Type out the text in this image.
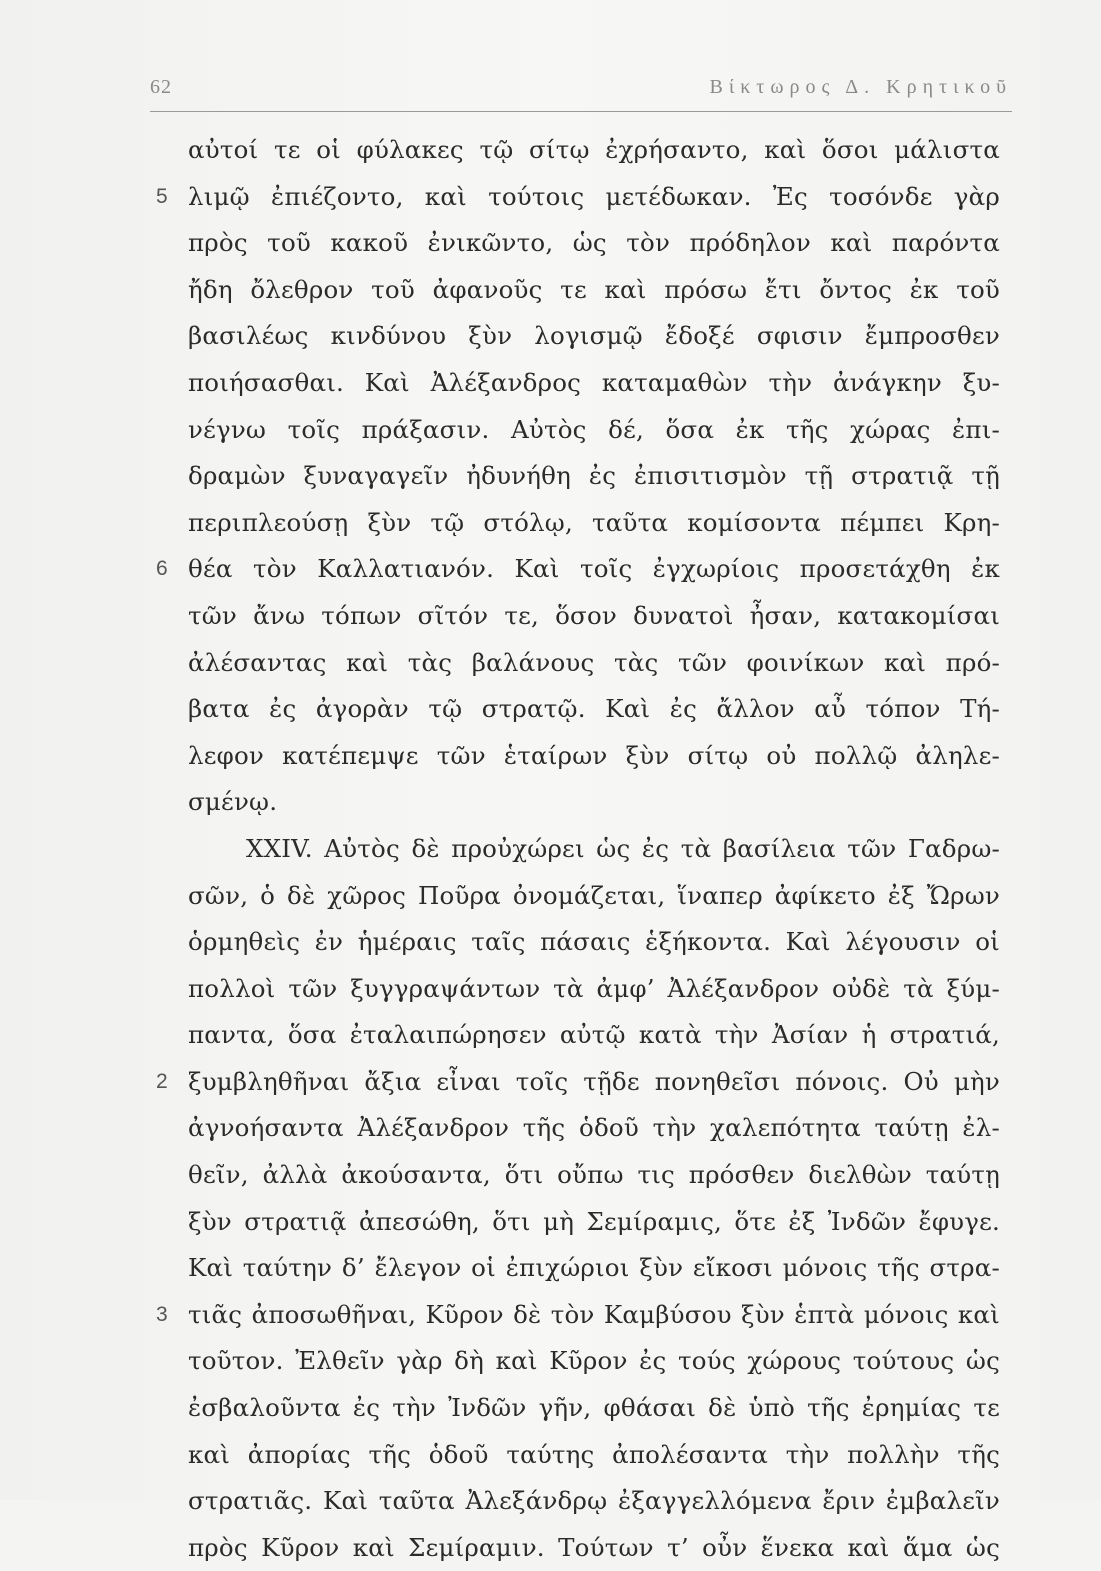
62	Βίκτωρος Δ. Κρητικοῦ
αὐτοί τε οἱ φύλακες τῷ σίτῳ ἐχρήσαντο, καὶ ὅσοι μάλιστα
5 λιμῷ ἐπιέζοντο, καὶ τούτοις μετέδωκαν. Ἐς τοσόνδε γὰρ
πρὸς τοῦ κακοῦ ἐνικῶντο, ὡς τὸν πρόδηλον καὶ παρόντα
ἤδη ὄλεθρον τοῦ ἀφανοῦς τε καὶ πρόσω ἔτι ὄντος ἐκ τοῦ
βασιλέως κινδύνου ξὺν λογισμῷ ἔδοξέ σφισιν ἔμπροσθεν
ποιήσασθαι. Καὶ Ἀλέξανδρος καταμαθὼν τὴν ἀνάγκην ξυ-
νέγνω τοῖς πράξασιν. Αὐτὸς δέ, ὅσα ἐκ τῆς χώρας ἐπι-
δραμὼν ξυναγαγεῖν ἠδυνήθη ἐς ἐπισιτισμὸν τῇ στρατιᾷ τῇ
περιπλεούσῃ ξὺν τῷ στόλῳ, ταῦτα κομίσοντα πέμπει Κρη-
6 θέα τὸν Καλλατιανόν. Καὶ τοῖς ἐγχωρίοις προσετάχθη ἐκ
τῶν ἄνω τόπων σῖτόν τε, ὅσον δυνατοὶ ἦσαν, κατακομίσαι
ἀλέσαντας καὶ τὰς βαλάνους τὰς τῶν φοινίκων καὶ πρό-
βατα ἐς ἀγορὰν τῷ στρατῷ. Καὶ ἐς ἄλλον αὖ τόπον Τή-
λεφον κατέπεμψε τῶν ἑταίρων ξὺν σίτῳ οὐ πολλῷ ἀληλε-
σμένῳ.
XXIV. Αὐτὸς δὲ προὐχώρει ὡς ἐς τὰ βασίλεια τῶν Γαδρω-
σῶν, ὁ δὲ χῶρος Ποῦρα ὀνομάζεται, ἵναπερ ἀφίκετο ἐξ Ὤρων
ὁρμηθεὶς ἐν ἡμέραις ταῖς πάσαις ἑξήκοντα. Καὶ λέγουσιν οἱ
πολλοὶ τῶν ξυγγραψάντων τὰ ἀμφ’ Ἀλέξανδρον οὐδὲ τὰ ξύμ-
παντα, ὅσα ἐταλαιπώρησεν αὐτῷ κατὰ τὴν Ἀσίαν ἡ στρατιά,
2 ξυμβληθῆναι ἄξια εἶναι τοῖς τῇδε πονηθεῖσι πόνοις. Οὐ μὴν
ἀγνοήσαντα Ἀλέξανδρον τῆς ὁδοῦ τὴν χαλεπότητα ταύτῃ ἐλ-
θεῖν, ἀλλὰ ἀκούσαντα, ὅτι οὔπω τις πρόσθεν διελθὼν ταύτῃ
ξὺν στρατιᾷ ἀπεσώθη, ὅτι μὴ Σεμίραμις, ὅτε ἐξ Ἰνδῶν ἔφυγε.
Καὶ ταύτην δ’ ἔλεγον οἱ ἐπιχώριοι ξὺν εἴκοσι μόνοις τῆς στρα-
3 τιᾶς ἀποσωθῆναι, Κῦρον δὲ τὸν Καμβύσου ξὺν ἑπτὰ μόνοις καὶ
τοῦτον. Ἐλθεῖν γὰρ δὴ καὶ Κῦρον ἐς τούς χώρους τούτους ὡς
ἐσβαλοῦντα ἐς τὴν Ἰνδῶν γῆν, φθάσαι δὲ ὑπὸ τῆς ἐρημίας τε
καὶ ἀπορίας τῆς ὁδοῦ ταύτης ἀπολέσαντα τὴν πολλὴν τῆς
στρατιᾶς. Καὶ ταῦτα Ἀλεξάνδρῳ ἐξαγγελλόμενα ἔριν ἐμβαλεῖν
πρὸς Κῦρον καὶ Σεμίραμιν. Τούτων τ’ οὖν ἕνεκα καὶ ἅμα ὡς
